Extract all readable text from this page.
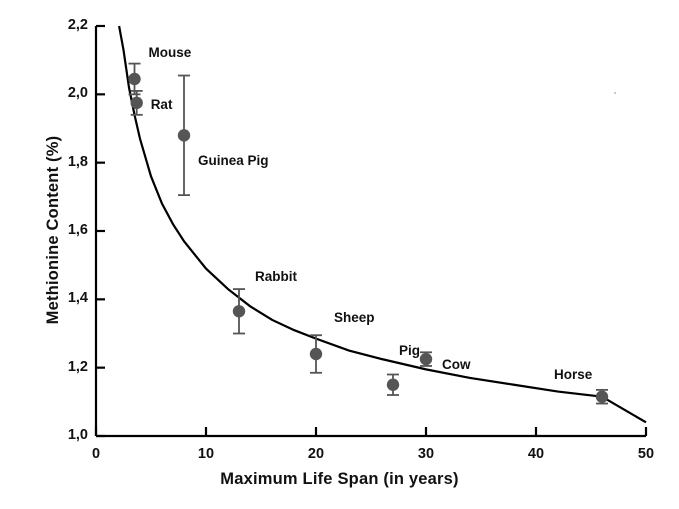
Maximum Life Span (in years)
Methionine Content (%)
1,0
1,2
1,4
1,6
1,8
2,0
2,2
0	10	20	30	40	50
Mouse
Rat
Guinea Pig
Rabbit
Sheep
Pig
Cow
Horse
